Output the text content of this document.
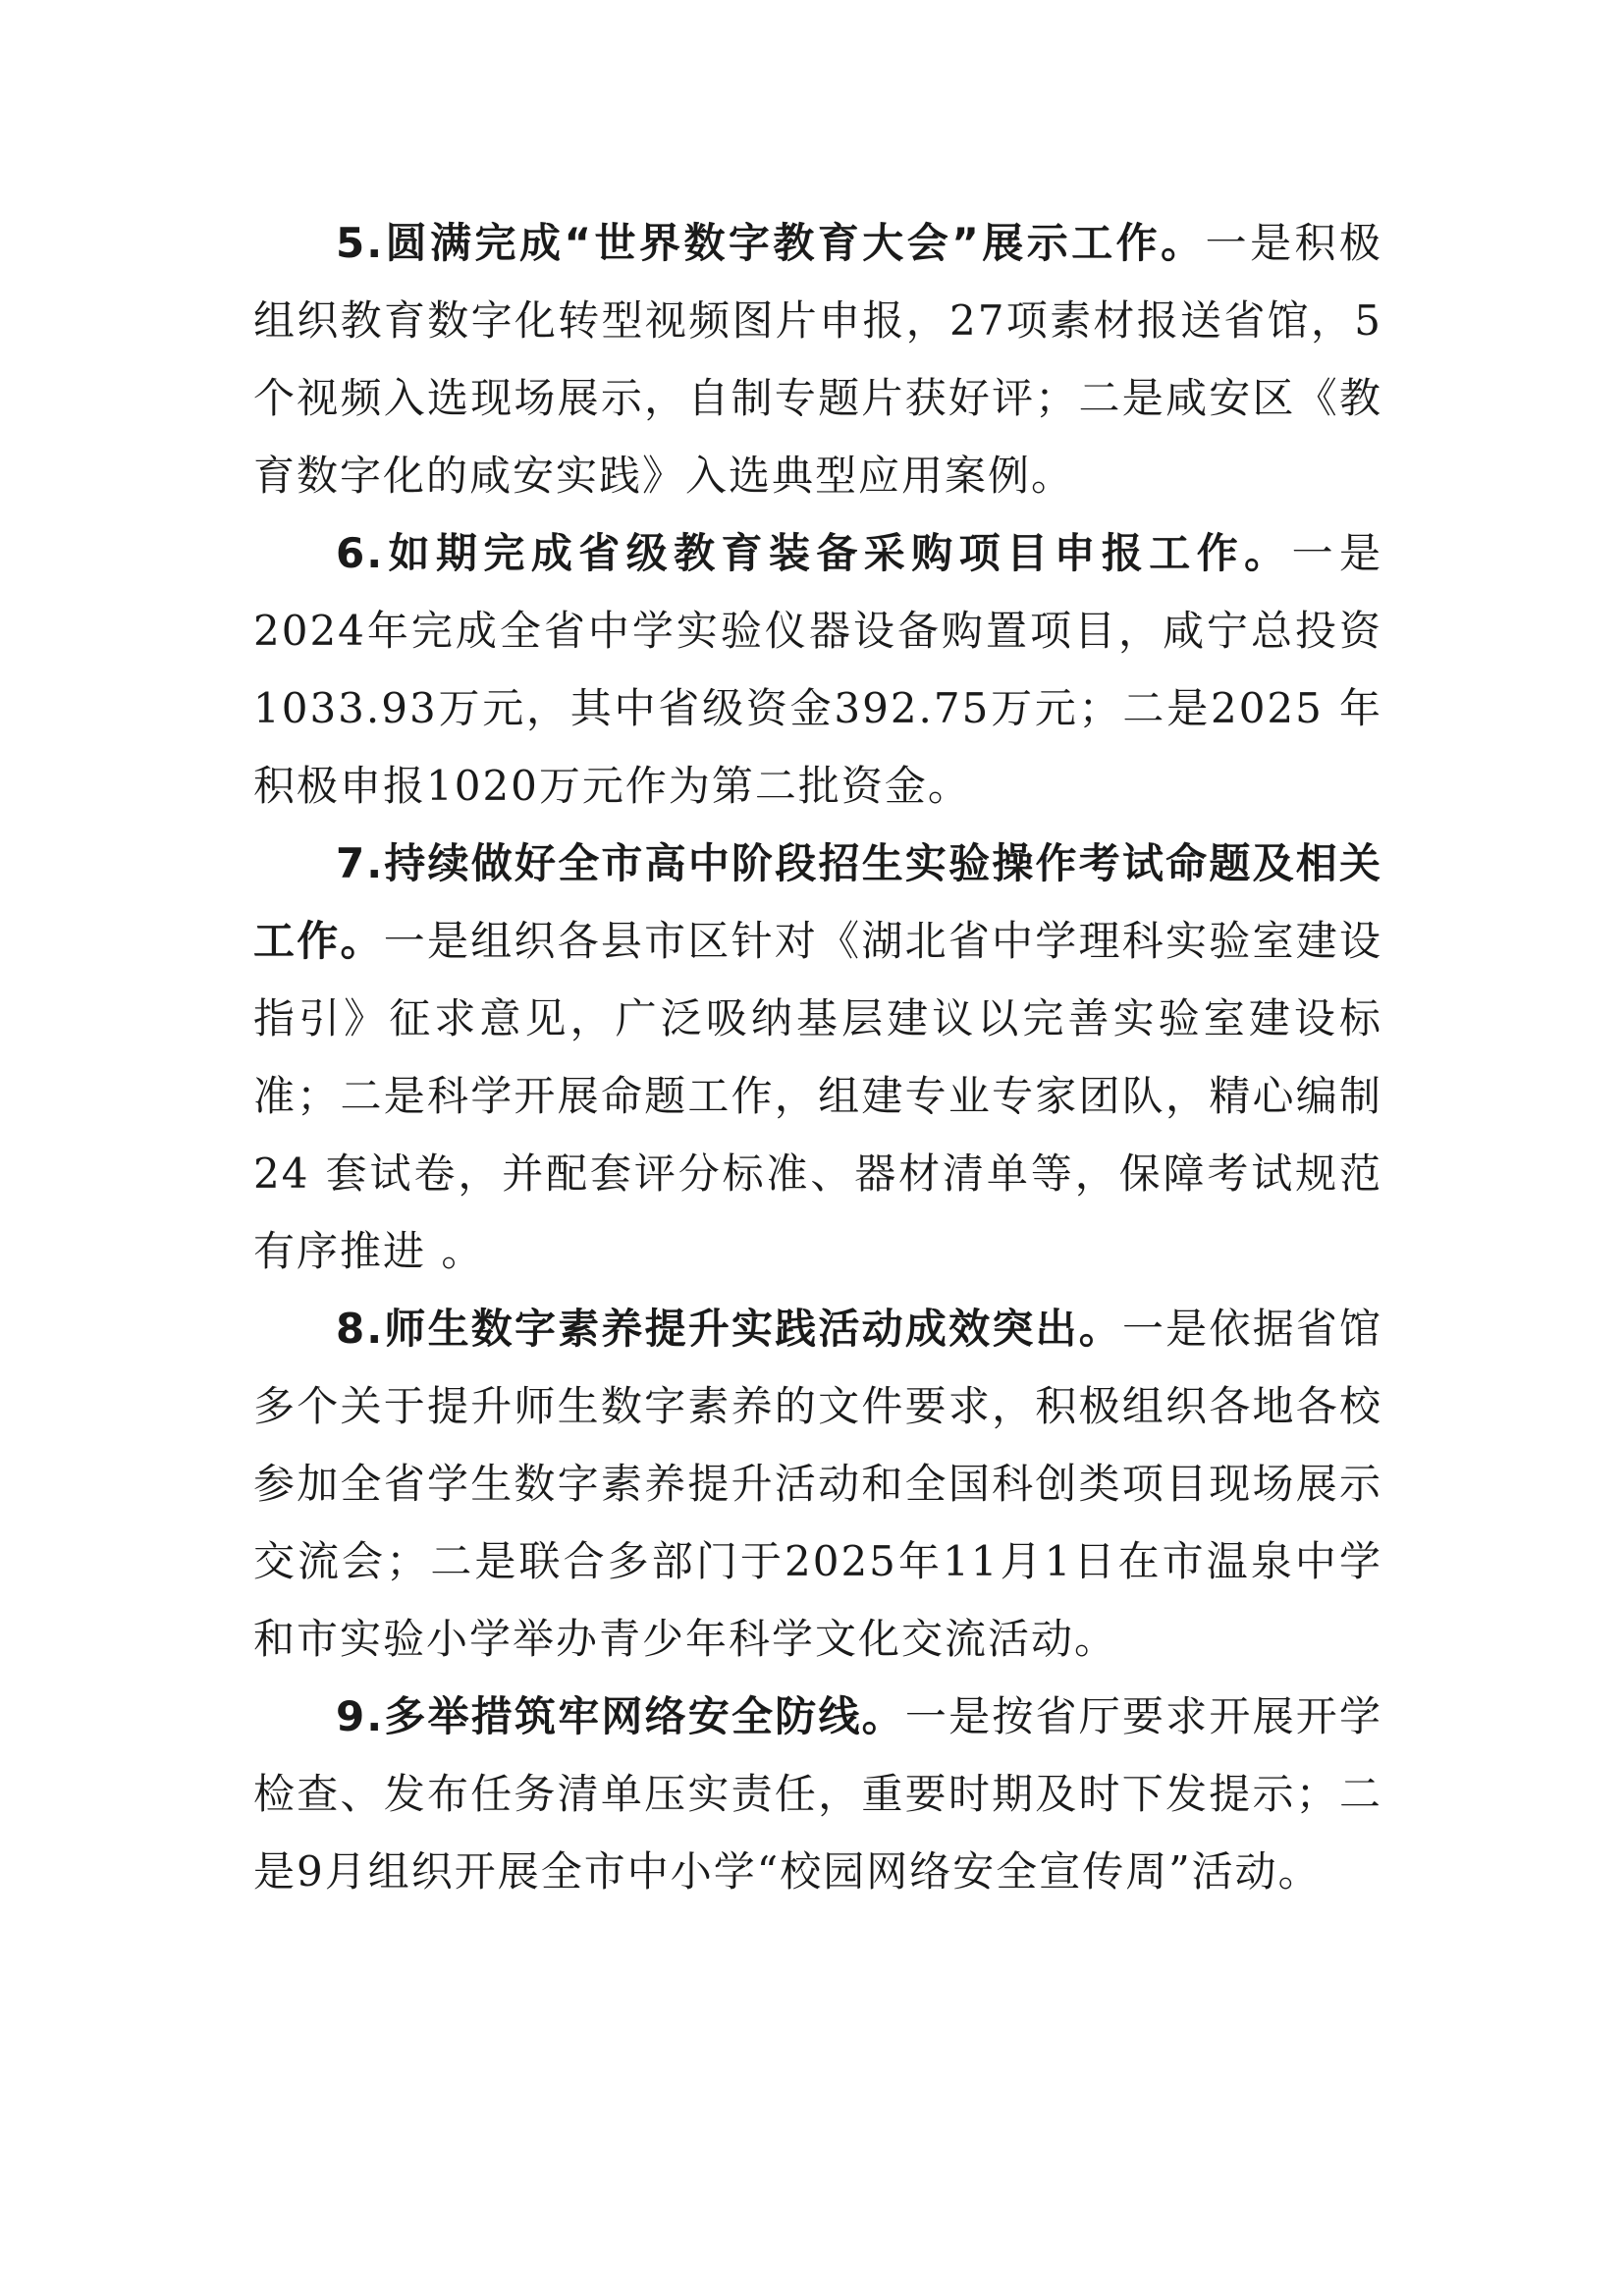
5.圆满完成“世界数字教育大会”展示工作。一是积极组织教育数字化转型视频图片申报，27项素材报送省馆，5个视频入选现场展示，自制专题片获好评；二是咸安区《教育数字化的咸安实践》入选典型应用案例。

6.如期完成省级教育装备采购项目申报工作。一是2024年完成全省中学实验仪器设备购置项目，咸宁总投资1033.93万元，其中省级资金392.75万元；二是2025 年积极申报1020万元作为第二批资金。

7.持续做好全市高中阶段招生实验操作考试命题及相关工作。一是组织各县市区针对《湖北省中学理科实验室建设指引》征求意见，广泛吸纳基层建议以完善实验室建设标准；二是科学开展命题工作，组建专业专家团队，精心编制24 套试卷，并配套评分标准、器材清单等，保障考试规范有序推进 。

8.师生数字素养提升实践活动成效突出。一是依据省馆多个关于提升师生数字素养的文件要求，积极组织各地各校参加全省学生数字素养提升活动和全国科创类项目现场展示交流会；二是联合多部门于2025年11月1日在市温泉中学和市实验小学举办青少年科学文化交流活动。

9.多举措筑牢网络安全防线。一是按省厅要求开展开学检查、发布任务清单压实责任，重要时期及时下发提示；二是9月组织开展全市中小学“校园网络安全宣传周”活动。
